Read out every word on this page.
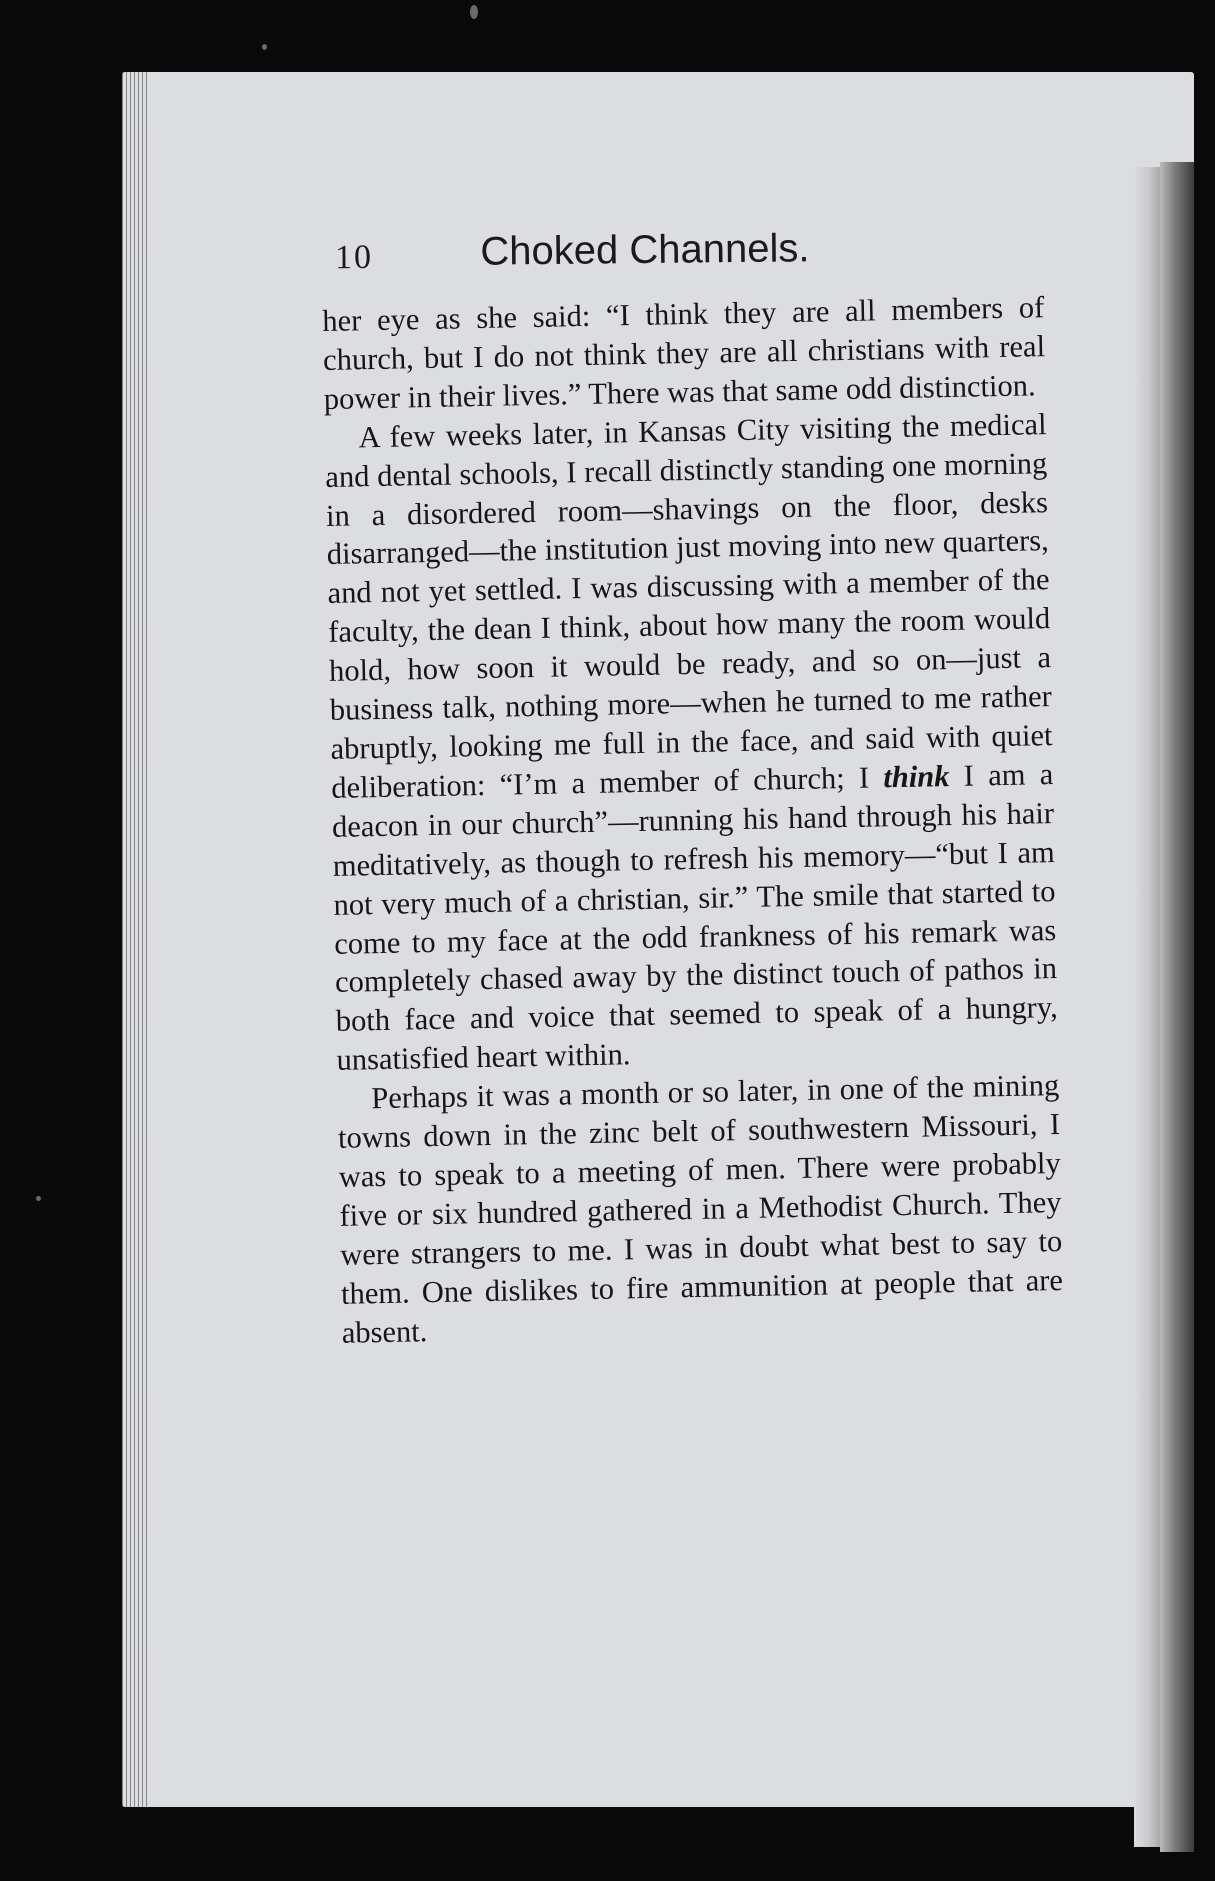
10	Choked Channels.

her eye as she said: “I think they are all members of church, but I do not think they are all christians with real power in their lives.” There was that same odd distinction.

A few weeks later, in Kansas City visiting the medical and dental schools, I recall distinctly standing one morning in a disordered room—shavings on the floor, desks disarranged—the institution just moving into new quarters, and not yet settled. I was discussing with a member of the faculty, the dean I think, about how many the room would hold, how soon it would be ready, and so on—just a business talk, nothing more—when he turned to me rather abruptly, looking me full in the face, and said with quiet deliberation: “I’m a member of church; I think I am a deacon in our church”—running his hand through his hair meditatively, as though to refresh his memory—“but I am not very much of a christian, sir.” The smile that started to come to my face at the odd frankness of his remark was completely chased away by the distinct touch of pathos in both face and voice that seemed to speak of a hungry, unsatisfied heart within.

Perhaps it was a month or so later, in one of the mining towns down in the zinc belt of southwestern Missouri, I was to speak to a meeting of men. There were probably five or six hundred gathered in a Methodist Church. They were strangers to me. I was in doubt what best to say to them. One dislikes to fire ammunition at people that are absent.
